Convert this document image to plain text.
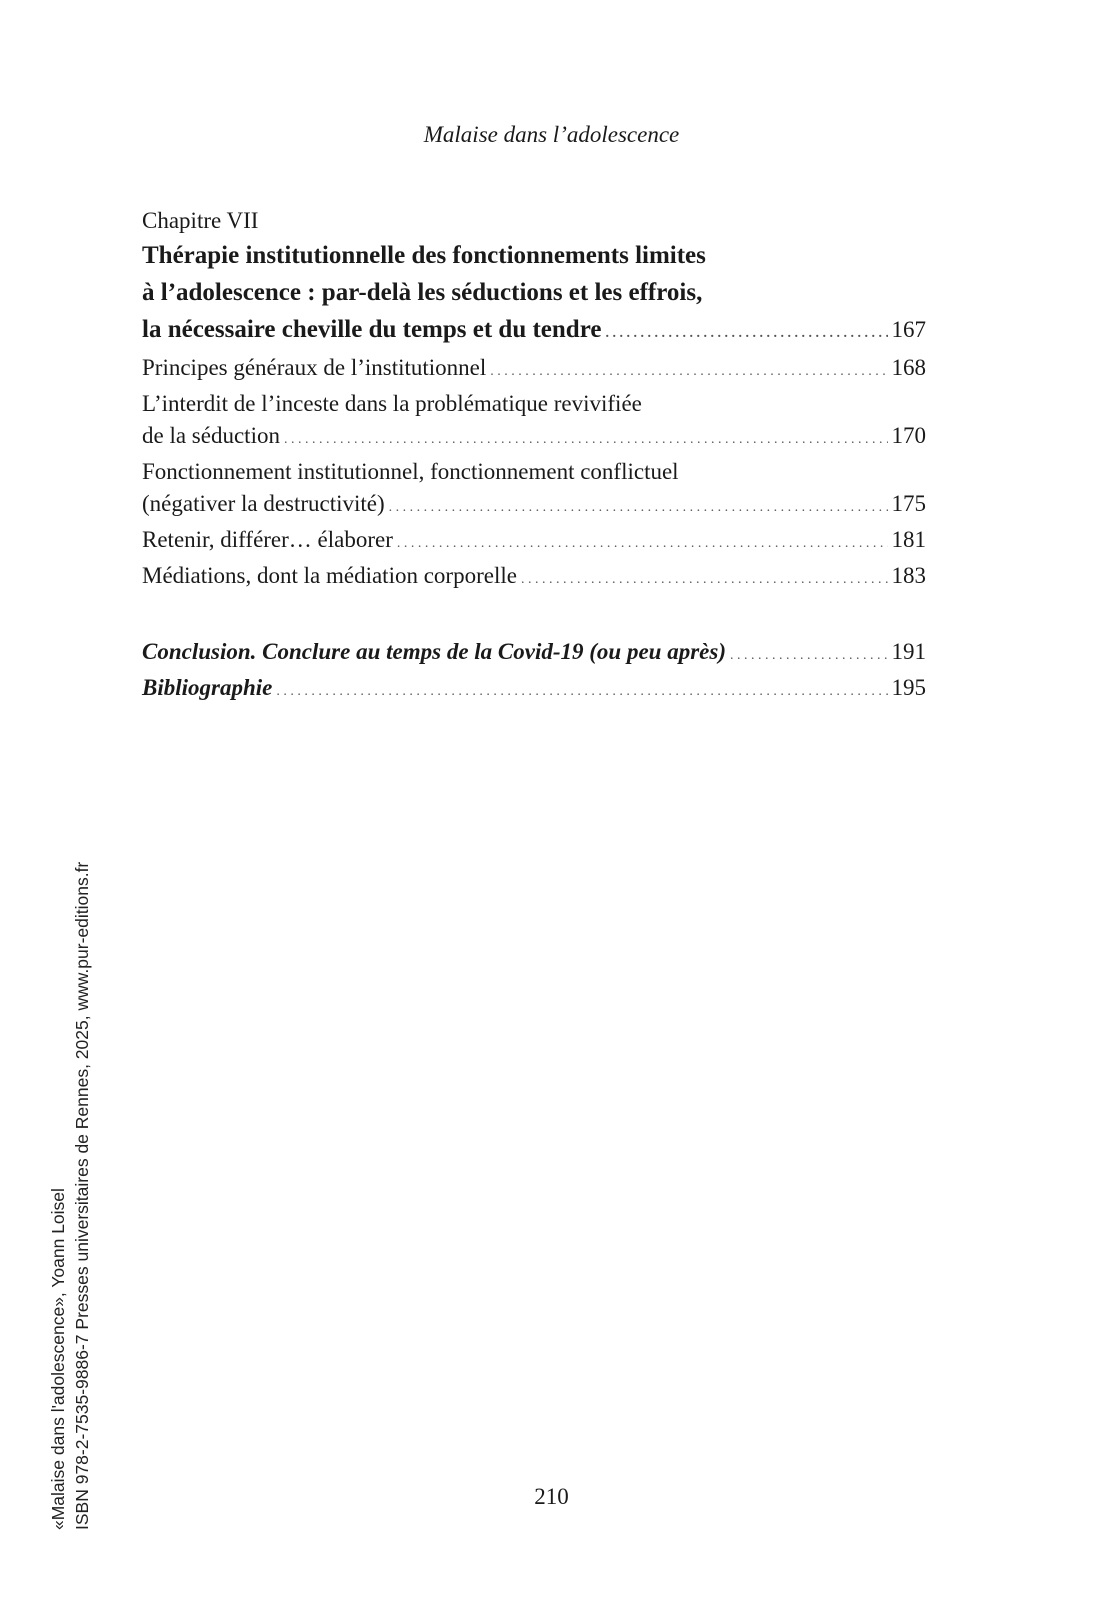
Malaise dans l’adolescence
Chapitre VII
Thérapie institutionnelle des fonctionnements limites
à l’adolescence : par-delà les séductions et les effrois,
la nécessaire cheville du temps et du tendre . . .	167
Principes généraux de l’institutionnel . . .	168
L’interdit de l’inceste dans la problématique revivifiée
de la séduction . . .	170
Fonctionnement institutionnel, fonctionnement conflictuel
(négativer la destructivité) . . .	175
Retenir, différer… élaborer . . .	181
Médiations, dont la médiation corporelle . . .	183
Conclusion. Conclure au temps de la Covid-19 (ou peu après) . . .	191
Bibliographie . . .	195
210
«Malaise dans l'adolescence», Yoann Loisel ISBN 978-2-7535-9886-7 Presses universitaires de Rennes, 2025, www.pur-editions.fr
